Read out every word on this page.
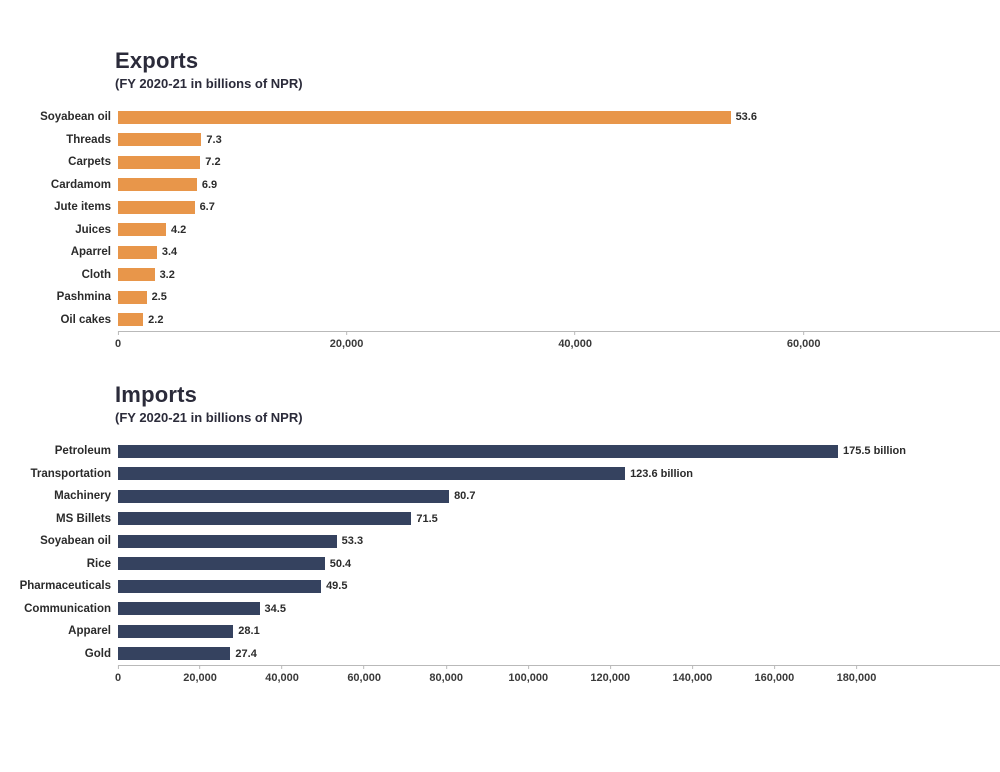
Exports
(FY 2020-21 in billions of NPR)
Soyabean oil	53.6
Threads	7.3
Carpets	7.2
Cardamom	6.9
Jute items	6.7
Juices	4.2
Aparrel	3.4
Cloth	3.2
Pashmina	2.5
Oil cakes	2.2
0	20,000	40,000	60,000
Imports
(FY 2020-21 in billions of NPR)
Petroleum	175.5 billion
Transportation	123.6 billion
Machinery	80.7
MS Billets	71.5
Soyabean oil	53.3
Rice	50.4
Pharmaceuticals	49.5
Communication	34.5
Apparel	28.1
Gold	27.4
0	20,000	40,000	60,000	80,000	100,000	120,000	140,000	160,000	180,000
